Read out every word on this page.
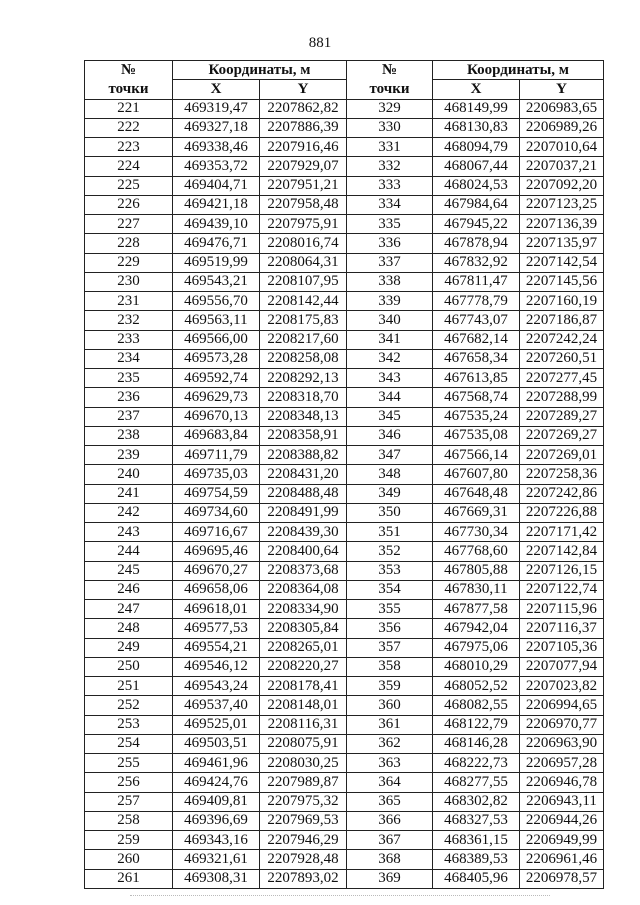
881
№	Координаты, м		№	Координаты, м	
точки	X	Y	точки	X	Y
221	469319,47	2207862,82	329	468149,99	2206983,65
222	469327,18	2207886,39	330	468130,83	2206989,26
223	469338,46	2207916,46	331	468094,79	2207010,64
224	469353,72	2207929,07	332	468067,44	2207037,21
225	469404,71	2207951,21	333	468024,53	2207092,20
226	469421,18	2207958,48	334	467984,64	2207123,25
227	469439,10	2207975,91	335	467945,22	2207136,39
228	469476,71	2208016,74	336	467878,94	2207135,97
229	469519,99	2208064,31	337	467832,92	2207142,54
230	469543,21	2208107,95	338	467811,47	2207145,56
231	469556,70	2208142,44	339	467778,79	2207160,19
232	469563,11	2208175,83	340	467743,07	2207186,87
233	469566,00	2208217,60	341	467682,14	2207242,24
234	469573,28	2208258,08	342	467658,34	2207260,51
235	469592,74	2208292,13	343	467613,85	2207277,45
236	469629,73	2208318,70	344	467568,74	2207288,99
237	469670,13	2208348,13	345	467535,24	2207289,27
238	469683,84	2208358,91	346	467535,08	2207269,27
239	469711,79	2208388,82	347	467566,14	2207269,01
240	469735,03	2208431,20	348	467607,80	2207258,36
241	469754,59	2208488,48	349	467648,48	2207242,86
242	469734,60	2208491,99	350	467669,31	2207226,88
243	469716,67	2208439,30	351	467730,34	2207171,42
244	469695,46	2208400,64	352	467768,60	2207142,84
245	469670,27	2208373,68	353	467805,88	2207126,15
246	469658,06	2208364,08	354	467830,11	2207122,74
247	469618,01	2208334,90	355	467877,58	2207115,96
248	469577,53	2208305,84	356	467942,04	2207116,37
249	469554,21	2208265,01	357	467975,06	2207105,36
250	469546,12	2208220,27	358	468010,29	2207077,94
251	469543,24	2208178,41	359	468052,52	2207023,82
252	469537,40	2208148,01	360	468082,55	2206994,65
253	469525,01	2208116,31	361	468122,79	2206970,77
254	469503,51	2208075,91	362	468146,28	2206963,90
255	469461,96	2208030,25	363	468222,73	2206957,28
256	469424,76	2207989,87	364	468277,55	2206946,78
257	469409,81	2207975,32	365	468302,82	2206943,11
258	469396,69	2207969,53	366	468327,53	2206944,26
259	469343,16	2207946,29	367	468361,15	2206949,99
260	469321,61	2207928,48	368	468389,53	2206961,46
261	469308,31	2207893,02	369	468405,96	2206978,57
